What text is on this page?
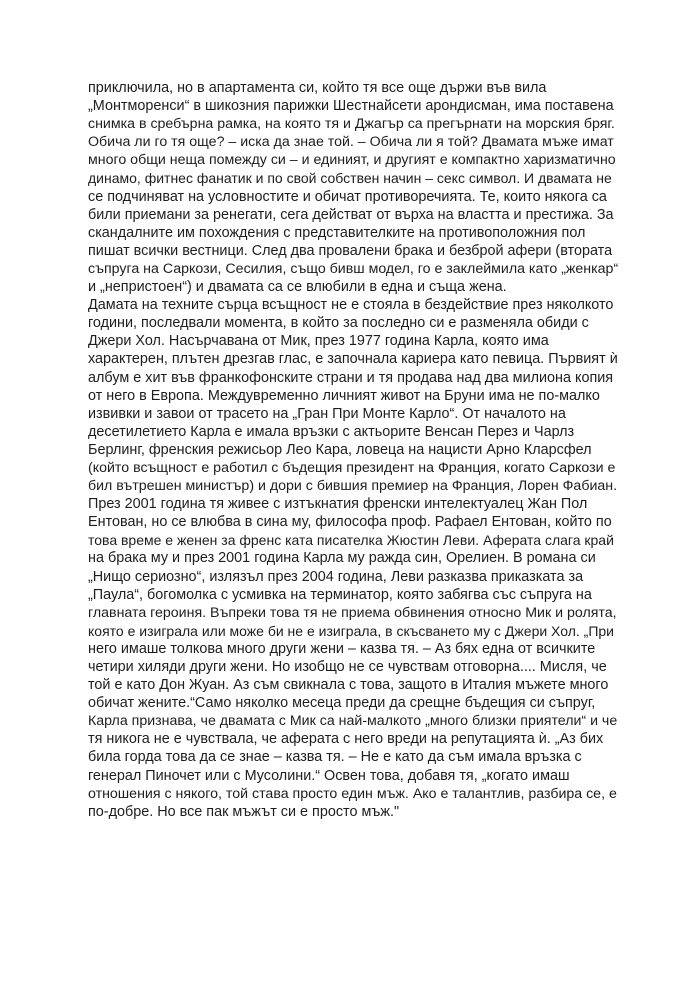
приключила, но в апартамента си, който тя все още държи във вила
„Монтморенси“ в шикозния парижки Шестнайсети арондисман, има поставена
снимка в сребърна рамка, на която тя и Джагър са прегърнати на морския бряг.
Обича ли го тя още? – иска да знае той. – Обича ли я той? Двамата мъже имат
много общи неща помежду си – и единият, и другият е компактно харизматично
динамо, фитнес фанатик и по свой собствен начин – секс символ. И двамата не
се подчиняват на условностите и обичат противоречията. Те, които някога са
били приемани за ренегати, сега действат от върха на властта и престижа. За
скандалните им похождения с представителките на противоположния пол
пишат всички вестници. След два провалени брака и безброй афери (втората
съпруга на Саркози, Сесилия, също бивш модел, го е заклеймила като „женкар“
и „непристоен“) и двамата са се влюбили в една и съща жена.
Дамата на техните сърца всъщност не е стояла в бездействие през няколкото
години, последвали момента, в който за последно си е разменяла обиди с
Джери Хол. Насърчавана от Мик, през 1977 година Карла, която има
характерен, плътен дрезгав глас, е започнала кариера като певица. Първият ѝ
албум е хит във франкофонските страни и тя продава над два милиона копия
от него в Европа. Междувременно личният живот на Бруни има не по-малко
извивки и завои от трасето на „Гран При Монте Карло“. От началото на
десетилетието Карла е имала връзки с актьорите Венсан Перез и Чарлз
Берлинг, френския режисьор Лео Кара, ловеца на нацисти Арно Кларсфел
(който всъщност е работил с бъдещия президент на Франция, когато Саркози е
бил вътрешен министър) и дори с бившия премиер на Франция, Лорен Фабиан.
През 2001 година тя живее с изтъкнатия френски интелектуалец Жан Пол
Ентован, но се влюбва в сина му, философа проф. Рафаел Ентован, който по
това време е женен за френс ката писателка Жюстин Леви. Аферата слага край
на брака му и през 2001 година Карла му ражда син, Орелиен. В романа си
„Нищо сериозно“, излязъл през 2004 година, Леви разказва приказката за
„Паула“, богомолка с усмивка на терминатор, която забягва със съпруга на
главната героиня. Въпреки това тя не приема обвинения относно Мик и ролята,
която е изиграла или може би не е изиграла, в скъсването му с Джери Хол. „При
него имаше толкова много други жени – казва тя. – Аз бях една от всичките
четири хиляди други жени. Но изобщо не се чувствам отговорна.... Мисля, че
той е като Дон Жуан. Аз съм свикнала с това, защото в Италия мъжете много
обичат жените.“Само няколко месеца преди да срещне бъдещия си съпруг,
Карла признава, че двамата с Мик са най-малкото „много близки приятели“ и че
тя никога не е чувствала, че аферата с него вреди на репутацията ѝ. „Аз бих
била горда това да се знае – казва тя. – Не е като да съм имала връзка с
генерал Пиночет или с Мусолини.“ Освен това, добавя тя, „когато имаш
отношения с някого, той става просто един мъж. Ако е талантлив, разбира се, е
по-добре. Но все пак мъжът си е просто мъж."
